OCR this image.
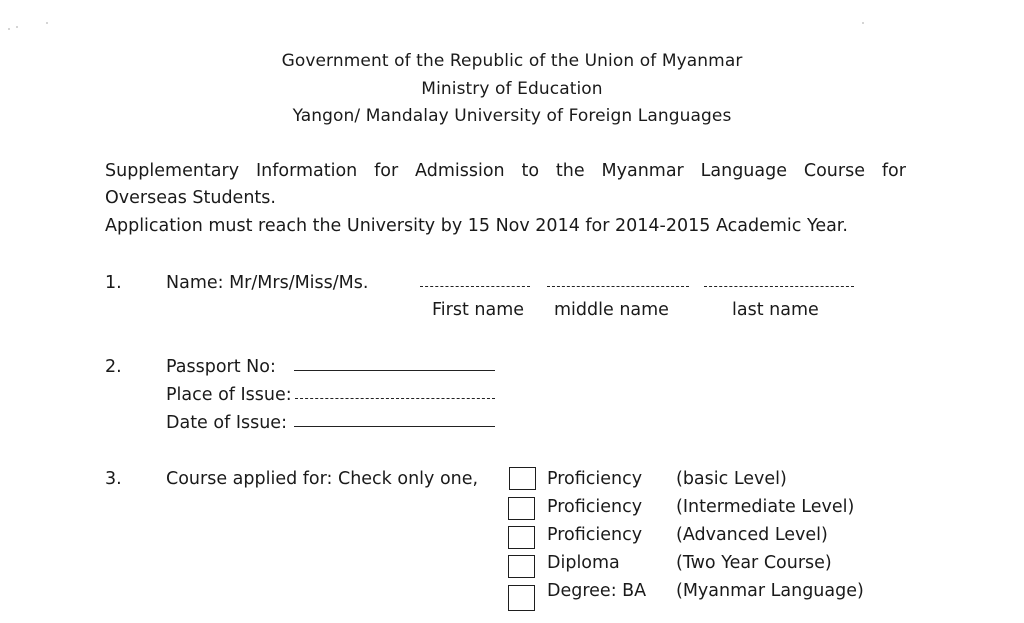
Government of the Republic of the Union of Myanmar
Ministry of Education
Yangon/ Mandalay University of Foreign Languages
Supplementary Information for Admission to the Myanmar Language Course for
Overseas Students.
Application must reach the University by 15 Nov 2014 for 2014-2015 Academic Year.
1.	Name: Mr/Mrs/Miss/Ms.
First name middle name	last name
2.	Passport No:
Place of Issue:
Date of Issue:
3.	Course applied for: Check only one,	Proficiency (basic Level)
Proficiency (Intermediate Level)
Proficiency (Advanced Level)
Diploma	(Two Year Course)
Degree: BA (Myanmar Language)
